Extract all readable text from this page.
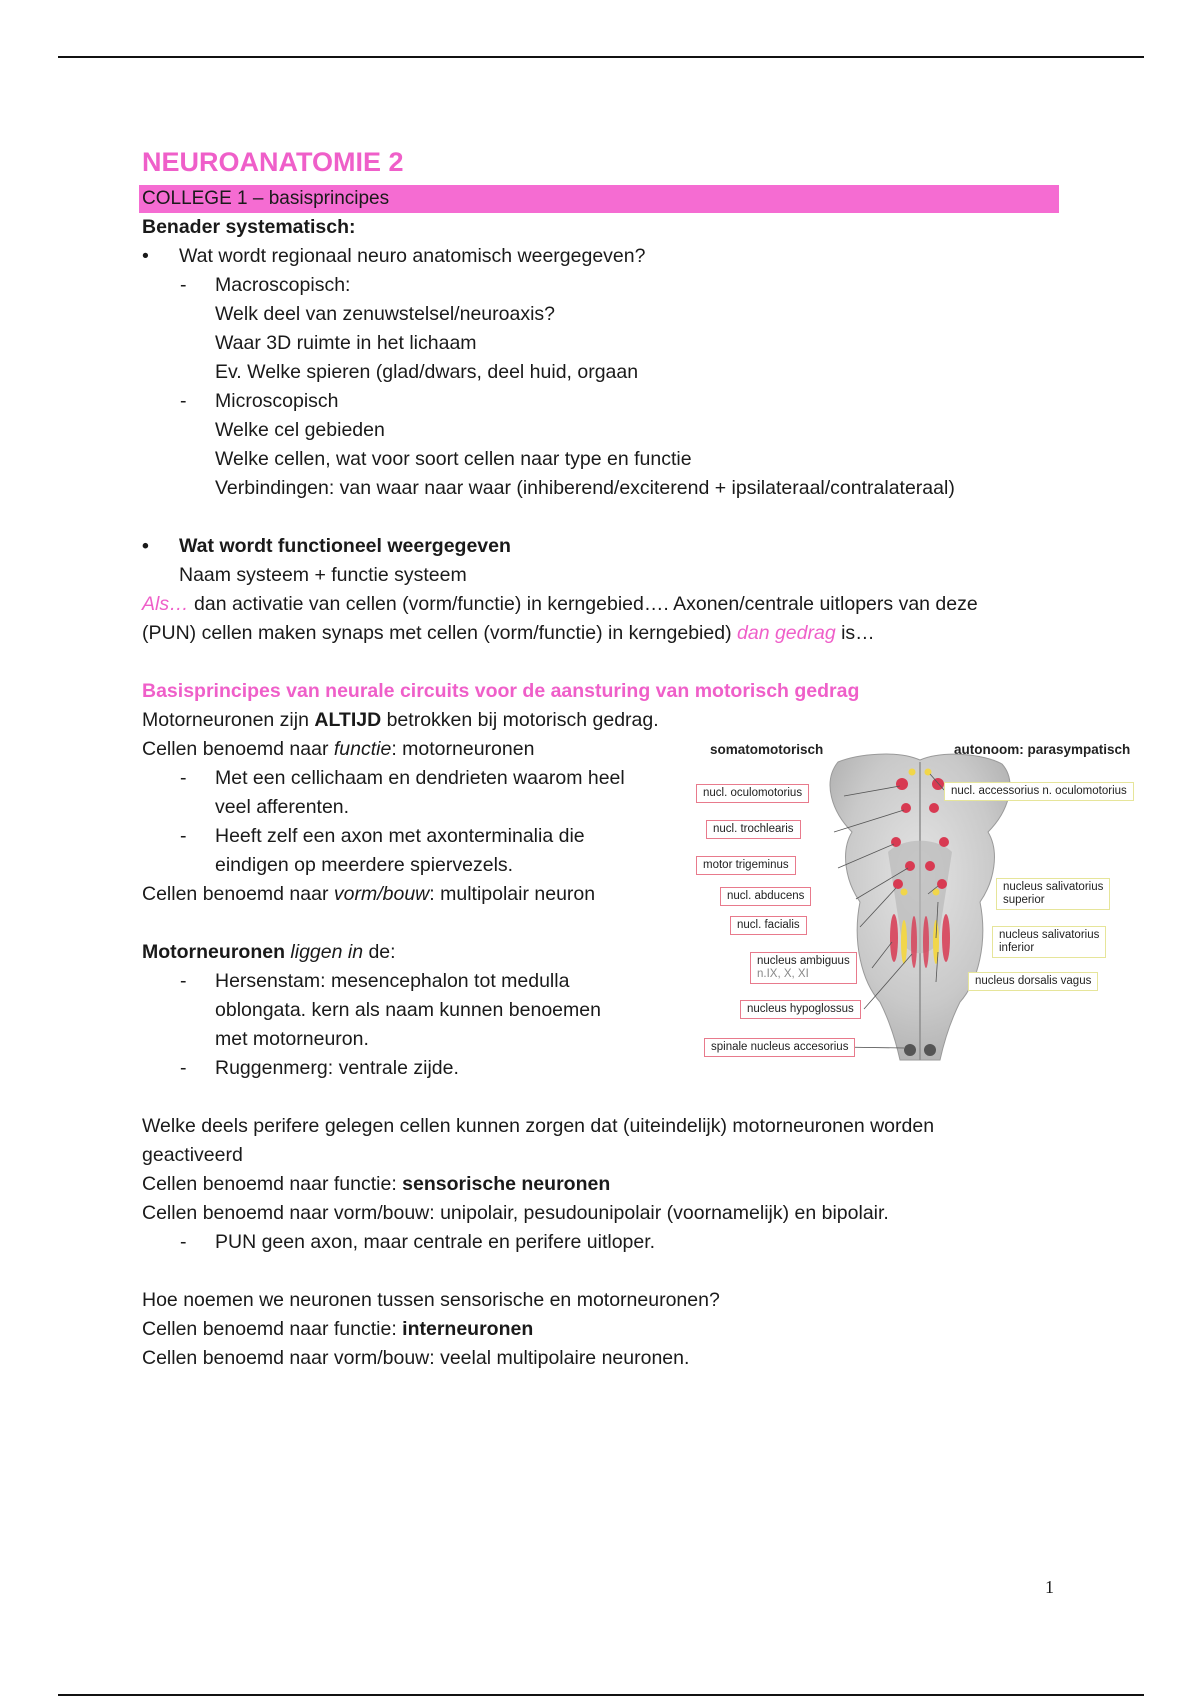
NEUROANATOMIE 2
COLLEGE 1 – basisprincipes

Benader systematisch:

• Wat wordt regionaal neuro anatomisch weergegeven?

- Macroscopisch:

Welk deel van zenuwstelsel/neuroaxis?

Waar 3D ruimte in het lichaam

Ev. Welke spieren (glad/dwars, deel huid, orgaan

- Microscopisch

Welke cel gebieden

Welke cellen, wat voor soort cellen naar type en functie

Verbindingen: van waar naar waar (inhiberend/exciterend + ipsilateraal/contralateraal)

• Wat wordt functioneel weergegeven

Naam systeem + functie systeem

Als… dan activatie van cellen (vorm/functie) in kerngebied…. Axonen/centrale uitlopers van deze

(PUN) cellen maken synaps met cellen (vorm/functie) in kerngebied) dan gedrag is…

Basisprincipes van neurale circuits voor de aansturing van motorisch gedrag

Motorneuronen zijn ALTIJD betrokken bij motorisch gedrag.

Cellen benoemd naar functie: motorneuronen

- Met een cellichaam en dendrieten waarom heel
veel afferenten.

- Heeft zelf een axon met axonterminalia die
eindigen op meerdere spiervezels.

Cellen benoemd naar vorm/bouw: multipolair neuron

Motorneuronen liggen in de:

- Hersenstam: mesencephalon tot medulla
oblongata. kern als naam kunnen benoemen
met motorneuron.

- Ruggenmerg: ventrale zijde.

Welke deels perifere gelegen cellen kunnen zorgen dat (uiteindelijk) motorneuronen worden

geactiveerd

Cellen benoemd naar functie: sensorische neuronen

Cellen benoemd naar vorm/bouw: unipolair, pesudounipolair (voornamelijk) en bipolair.

- PUN geen axon, maar centrale en perifere uitloper.

Hoe noemen we neuronen tussen sensorische en motorneuronen?

Cellen benoemd naar functie: interneuronen

Cellen benoemd naar vorm/bouw: veelal multipolaire neuronen.

somatomotorisch	autonoom: parasympatisch
nucl. oculomotorius
nucl. trochlearis
motor trigeminus
nucl. abducens
nucl. facialis
nucleus ambiguus
n.IX, X, XI
nucleus hypoglossus
spinale nucleus accesorius
nucl. accessorius n. oculomotorius
nucleus salivatorius
superior
nucleus salivatorius
inferior
nucleus dorsalis vagus
1
